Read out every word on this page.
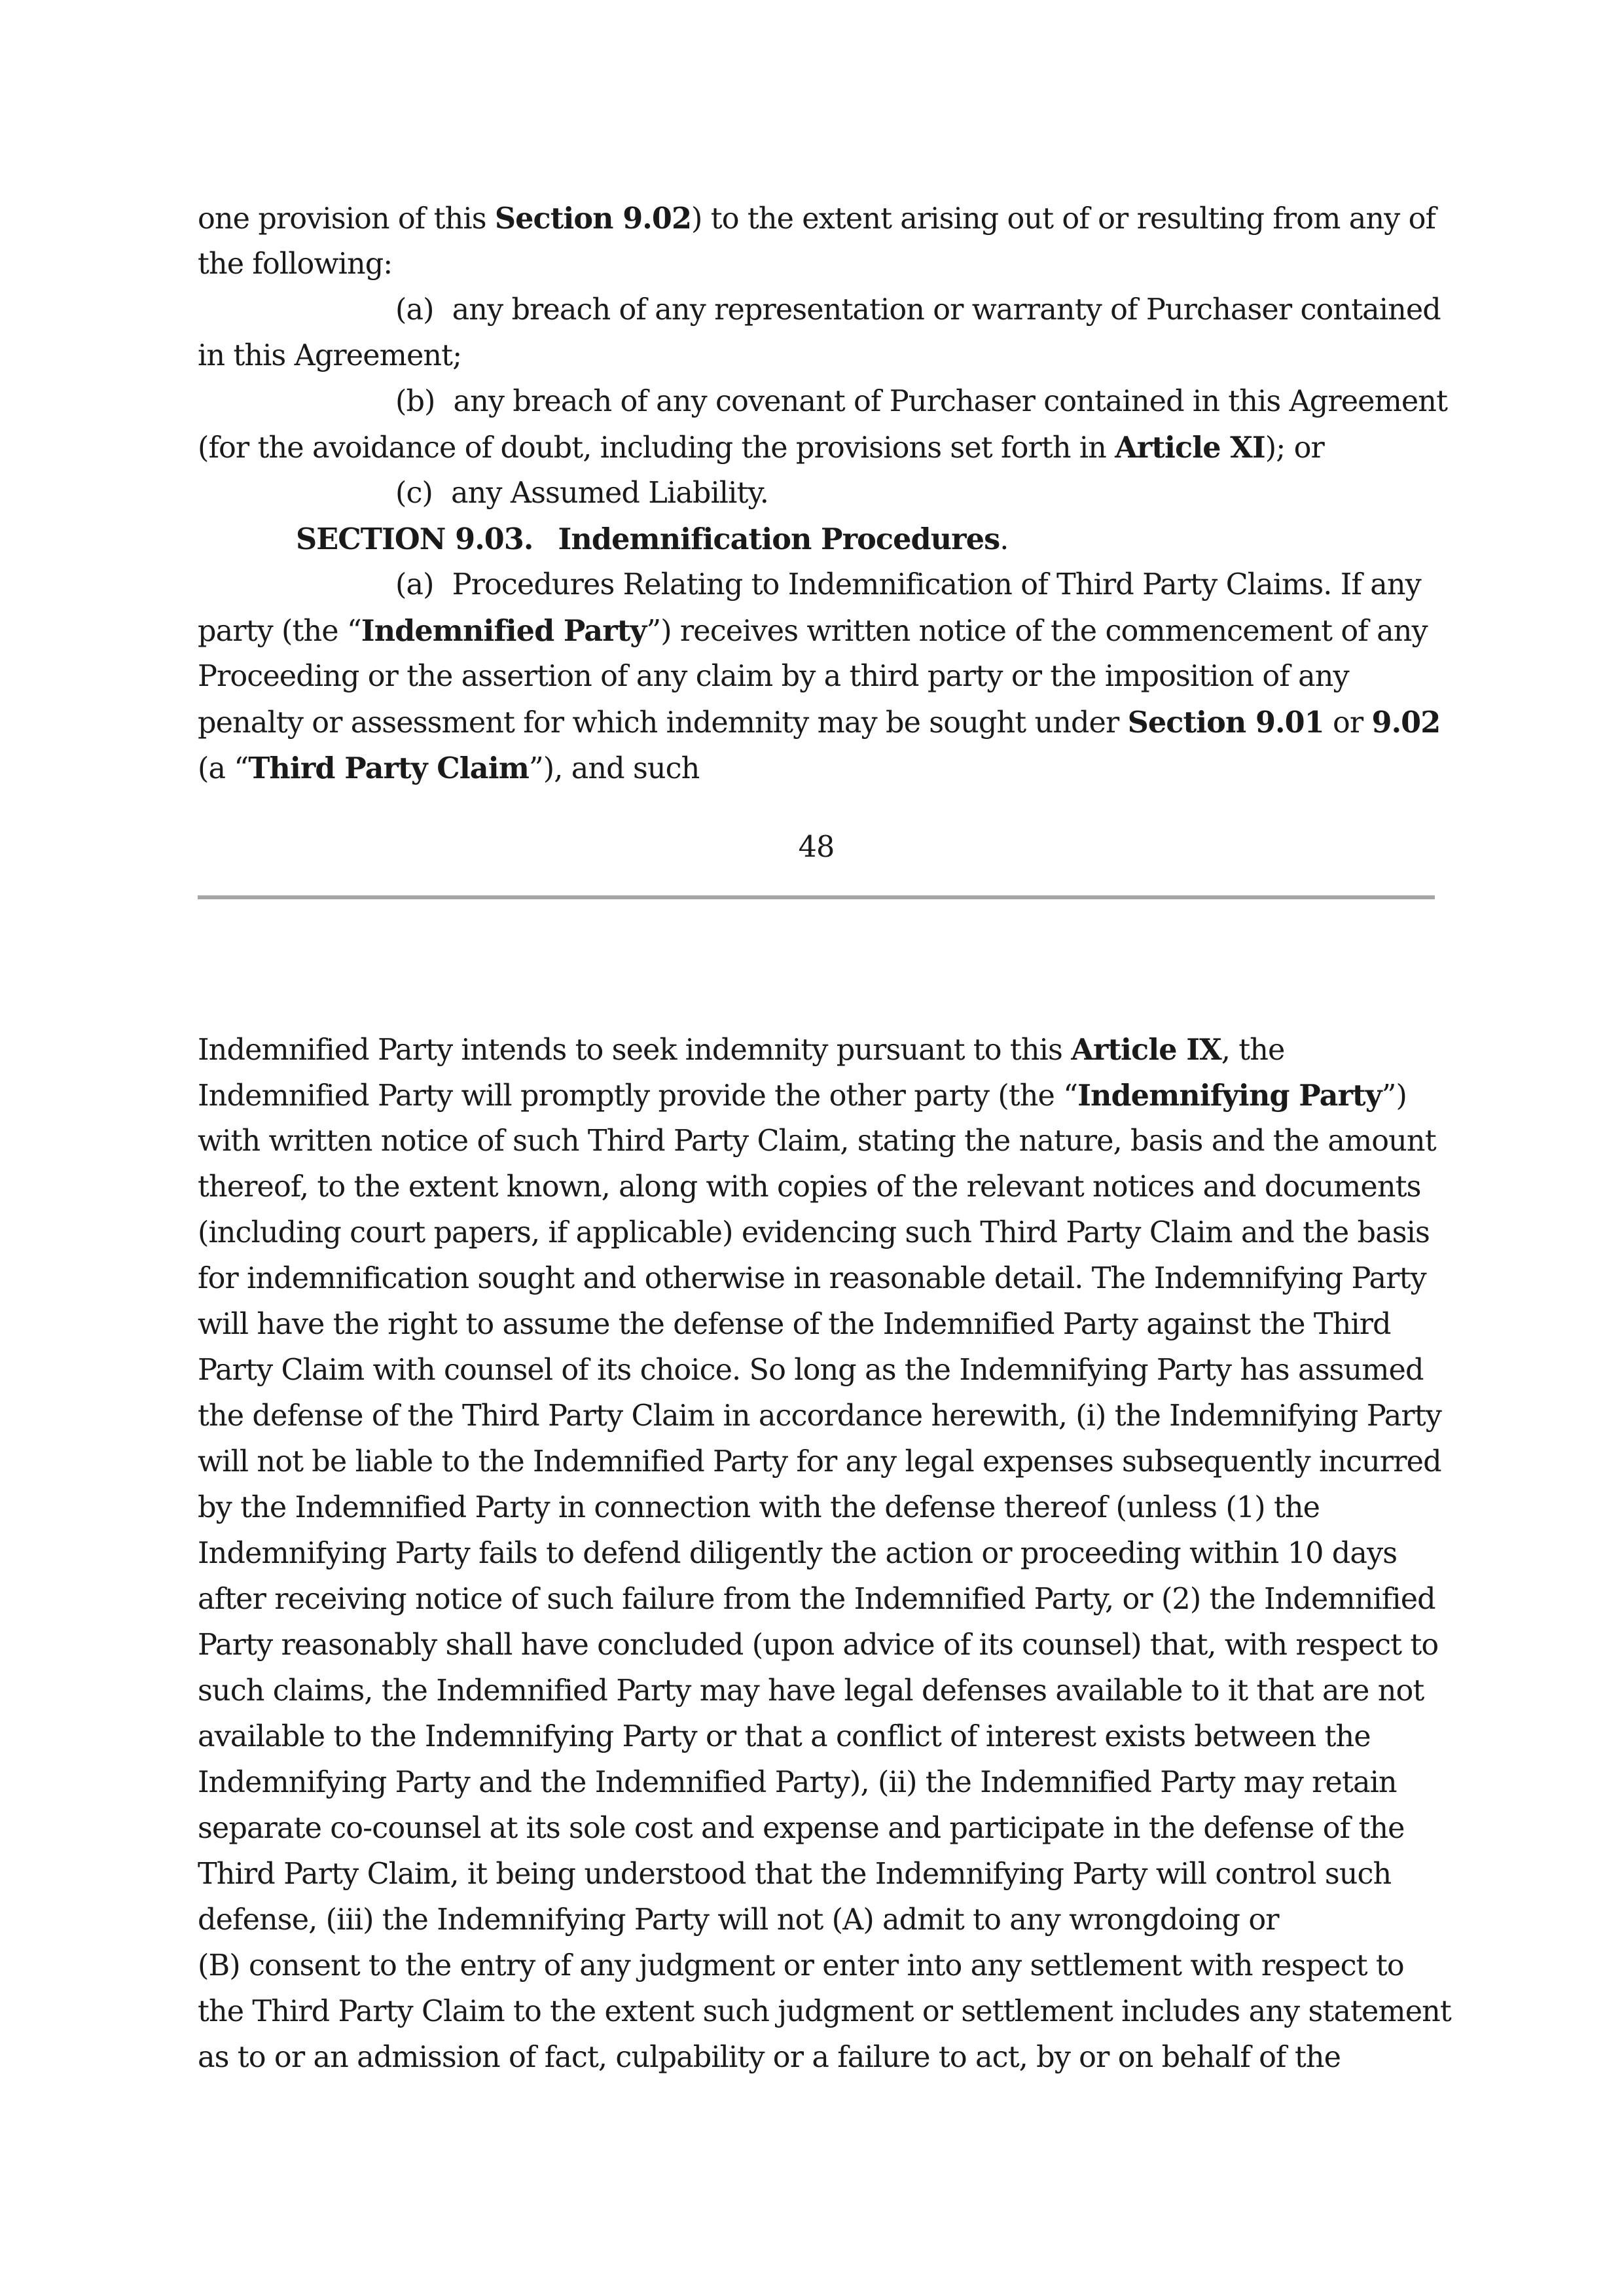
one provision of this Section 9.02) to the extent arising out of or resulting from any of
the following:
(a) any breach of any representation or warranty of Purchaser contained
in this Agreement;
(b) any breach of any covenant of Purchaser contained in this Agreement
(for the avoidance of doubt, including the provisions set forth in Article XI); or
(c) any Assumed Liability.
SECTION 9.03. Indemnification Procedures.
(a) Procedures Relating to Indemnification of Third Party Claims. If any
party (the “Indemnified Party”) receives written notice of the commencement of any
Proceeding or the assertion of any claim by a third party or the imposition of any
penalty or assessment for which indemnity may be sought under Section 9.01 or 9.02
(a “Third Party Claim”), and such
48
Indemnified Party intends to seek indemnity pursuant to this Article IX, the
Indemnified Party will promptly provide the other party (the “Indemnifying Party”)
with written notice of such Third Party Claim, stating the nature, basis and the amount
thereof, to the extent known, along with copies of the relevant notices and documents
(including court papers, if applicable) evidencing such Third Party Claim and the basis
for indemnification sought and otherwise in reasonable detail. The Indemnifying Party
will have the right to assume the defense of the Indemnified Party against the Third
Party Claim with counsel of its choice. So long as the Indemnifying Party has assumed
the defense of the Third Party Claim in accordance herewith, (i) the Indemnifying Party
will not be liable to the Indemnified Party for any legal expenses subsequently incurred
by the Indemnified Party in connection with the defense thereof (unless (1) the
Indemnifying Party fails to defend diligently the action or proceeding within 10 days
after receiving notice of such failure from the Indemnified Party, or (2) the Indemnified
Party reasonably shall have concluded (upon advice of its counsel) that, with respect to
such claims, the Indemnified Party may have legal defenses available to it that are not
available to the Indemnifying Party or that a conflict of interest exists between the
Indemnifying Party and the Indemnified Party), (ii) the Indemnified Party may retain
separate co-counsel at its sole cost and expense and participate in the defense of the
Third Party Claim, it being understood that the Indemnifying Party will control such
defense, (iii) the Indemnifying Party will not (A) admit to any wrongdoing or
(B) consent to the entry of any judgment or enter into any settlement with respect to
the Third Party Claim to the extent such judgment or settlement includes any statement
as to or an admission of fact, culpability or a failure to act, by or on behalf of the
